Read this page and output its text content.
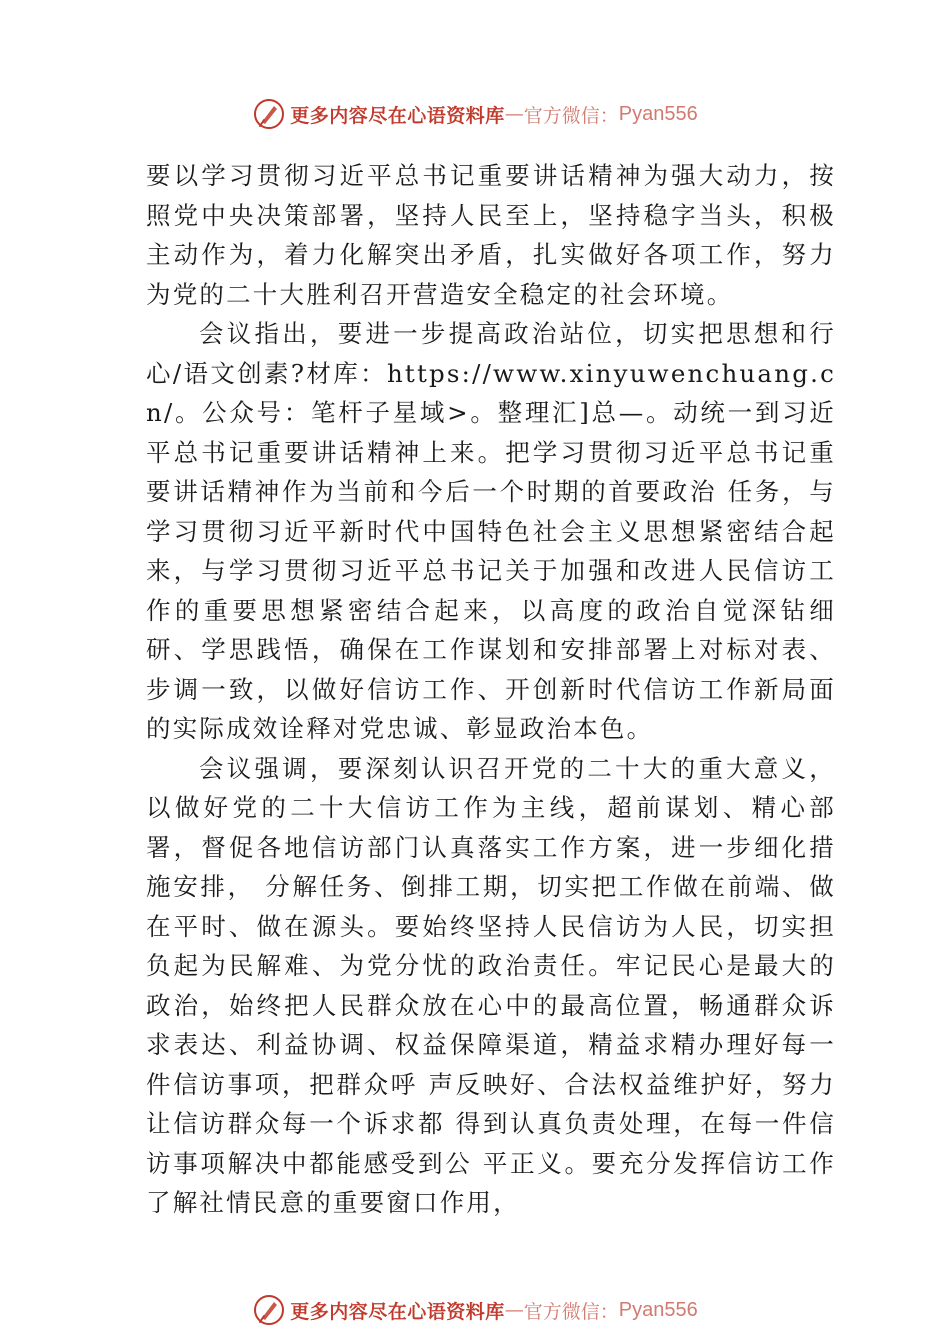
更多内容尽在心语资料库 — 官方微信： Pyan556

要以学习贯彻习近平总书记重要讲话精神为强大动力，按照党中央决策部署，坚持人民至上，坚持稳字当头，积极主动作为，着力化解突出矛盾，扎实做好各项工作，努力为党的二十大胜利召开营造安全稳定的社会环境。

会议指出，要进一步提高政治站位，切实把思想和行心/语文创素?材库：https://www.xinyuwenchuang.cn/。公众号：笔杆子星域>。整理汇]总—。动统一到习近平总书记重要讲话精神上来。把学习贯彻习近平总书记重要讲话精神作为当前和今后一个时期的首要政治 任务，与学习贯彻习近平新时代中国特色社会主义思想紧密结合起来，与学习贯彻习近平总书记关于加强和改进人民信访工作的重要思想紧密结合起来，以高度的政治自觉深钻细研、学思践悟，确保在工作谋划和安排部署上对标对表、步调一致，以做好信访工作、开创新时代信访工作新局面的实际成效诠释对党忠诚、彰显政治本色。

会议强调，要深刻认识召开党的二十大的重大意义，以做好党的二十大信访工作为主线，超前谋划、精心部署，督促各地信访部门认真落实工作方案，进一步细化措施安排， 分解任务、倒排工期，切实把工作做在前端、做在平时、做在源头。要始终坚持人民信访为人民，切实担负起为民解难、为党分忧的政治责任。牢记民心是最大的政治，始终把人民群众放在心中的最高位置，畅通群众诉求表达、利益协调、权益保障渠道，精益求精办理好每一件信访事项，把群众呼 声反映好、合法权益维护好，努力让信访群众每一个诉求都 得到认真负责处理，在每一件信访事项解决中都能感受到公 平正义。要充分发挥信访工作了解社情民意的重要窗口作用，

更多内容尽在心语资料库 — 官方微信： Pyan556
